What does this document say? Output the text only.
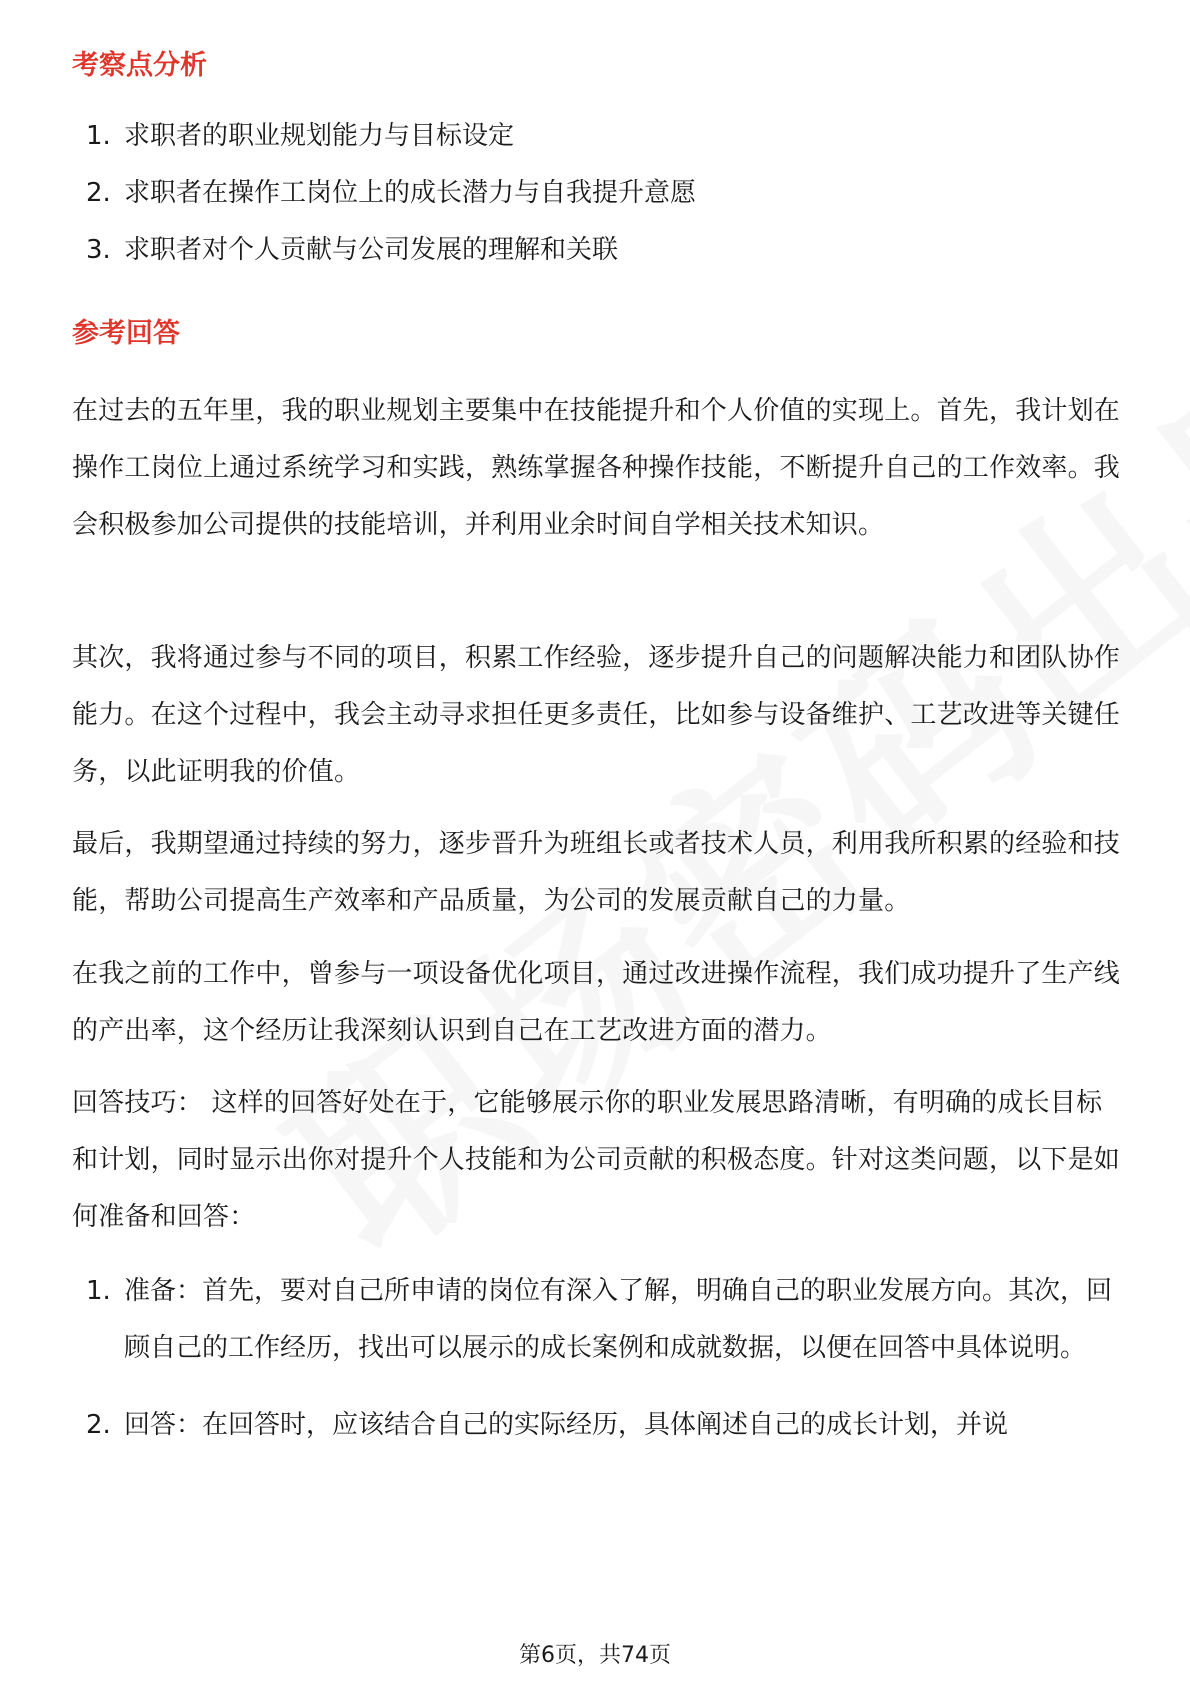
考察点分析
1. 求职者的职业规划能力与目标设定
2. 求职者在操作工岗位上的成长潜力与自我提升意愿
3. 求职者对个人贡献与公司发展的理解和关联
参考回答

在过去的五年里，我的职业规划主要集中在技能提升和个人价值的实现上。首先，我计划在操作工岗位上通过系统学习和实践，熟练掌握各种操作技能，不断提升自己的工作效率。我会积极参加公司提供的技能培训，并利用业余时间自学相关技术知识。

其次，我将通过参与不同的项目，积累工作经验，逐步提升自己的问题解决能力和团队协作能力。在这个过程中，我会主动寻求担任更多责任，比如参与设备维护、工艺改进等关键任务，以此证明我的价值。

最后，我期望通过持续的努力，逐步晋升为班组长或者技术人员，利用我所积累的经验和技能，帮助公司提高生产效率和产品质量，为公司的发展贡献自己的力量。

在我之前的工作中，曾参与一项设备优化项目，通过改进操作流程，我们成功提升了生产线的产出率，这个经历让我深刻认识到自己在工艺改进方面的潜力。

回答技巧： 这样的回答好处在于，它能够展示你的职业发展思路清晰，有明确的成长目标和计划，同时显示出你对提升个人技能和为公司贡献的积极态度。针对这类问题，以下是如何准备和回答：

1. 准备：首先，要对自己所申请的岗位有深入了解，明确自己的职业发展方向。其次，回顾自己的工作经历，找出可以展示的成长案例和成就数据，以便在回答中具体说明。
2. 回答：在回答时，应该结合自己的实际经历，具体阐述自己的成长计划，并说
第6页，共74页
